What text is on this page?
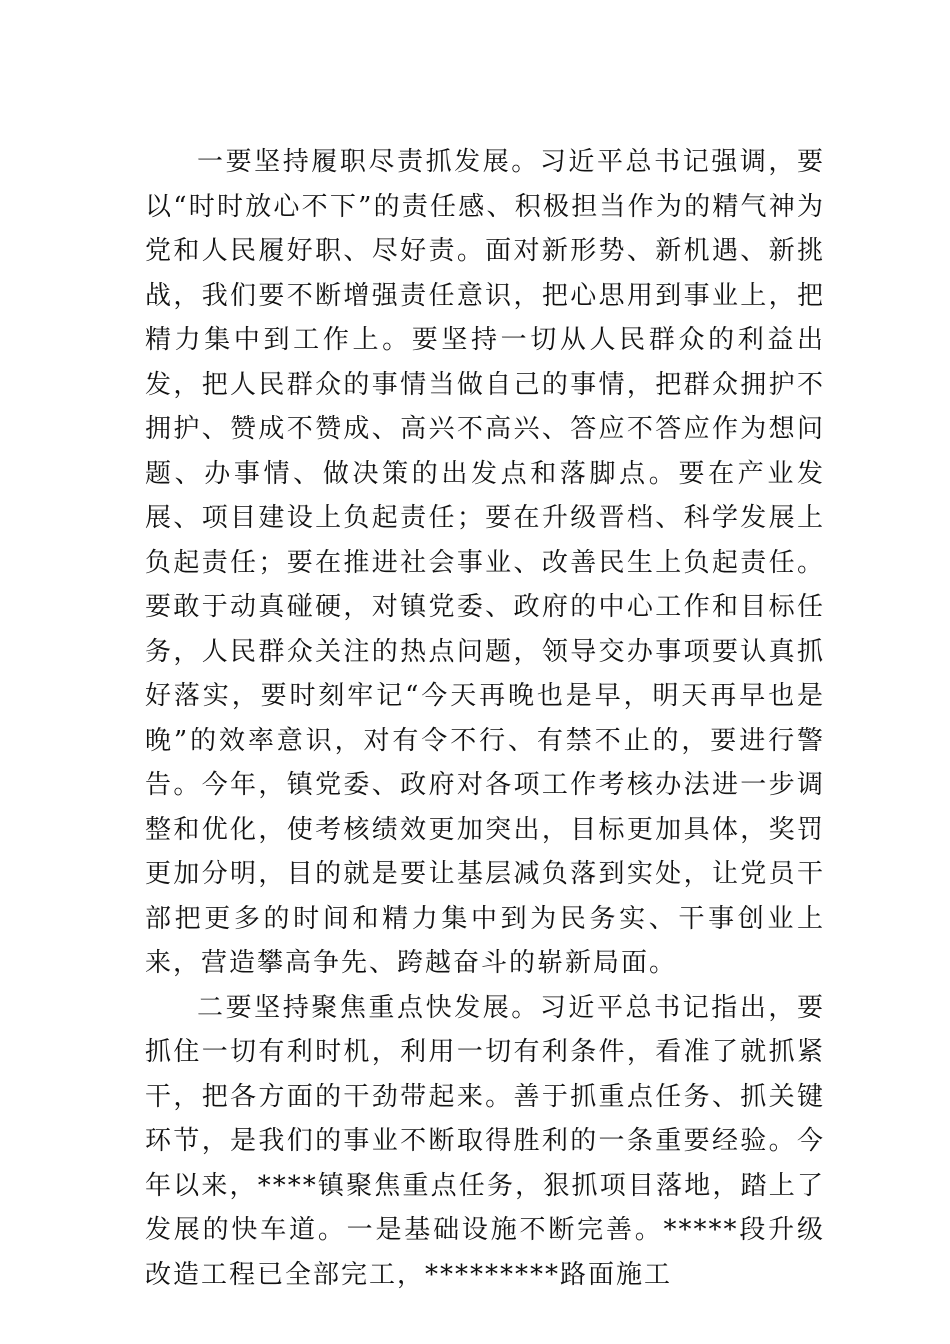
一要坚持履职尽责抓发展。习近平总书记强调，要以“时时放心不下”的责任感、积极担当作为的精气神为党和人民履好职、尽好责。面对新形势、新机遇、新挑战，我们要不断增强责任意识，把心思用到事业上，把精力集中到工作上。要坚持一切从人民群众的利益出发，把人民群众的事情当做自己的事情，把群众拥护不拥护、赞成不赞成、高兴不高兴、答应不答应作为想问题、办事情、做决策的出发点和落脚点。要在产业发展、项目建设上负起责任；要在升级晋档、科学发展上负起责任；要在推进社会事业、改善民生上负起责任。要敢于动真碰硬，对镇党委、政府的中心工作和目标任务，人民群众关注的热点问题，领导交办事项要认真抓好落实，要时刻牢记“今天再晚也是早，明天再早也是晚”的效率意识，对有令不行、有禁不止的，要进行警告。今年，镇党委、政府对各项工作考核办法进一步调整和优化，使考核绩效更加突出，目标更加具体，奖罚更加分明，目的就是要让基层减负落到实处，让党员干部把更多的时间和精力集中到为民务实、干事创业上来，营造攀高争先、跨越奋斗的崭新局面。

二要坚持聚焦重点快发展。习近平总书记指出，要抓住一切有利时机，利用一切有利条件，看准了就抓紧干，把各方面的干劲带起来。善于抓重点任务、抓关键环节，是我们的事业不断取得胜利的一条重要经验。今年以来，****镇聚焦重点任务，狠抓项目落地，踏上了发展的快车道。一是基础设施不断完善。*****段升级改造工程已全部完工，*********路面施工
